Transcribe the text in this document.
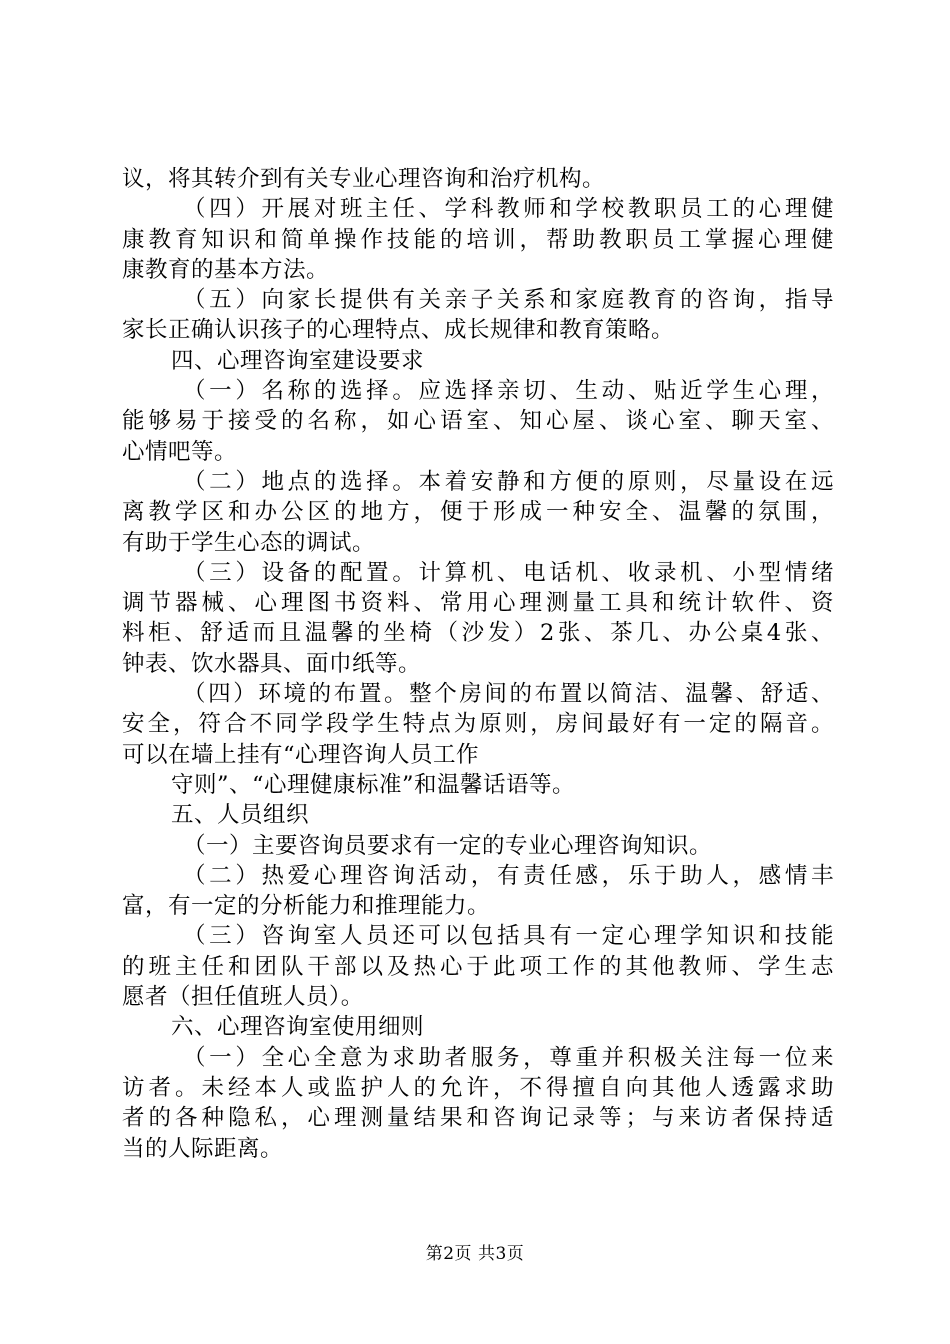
议，将其转介到有关专业心理咨询和治疗机构。
（四）开展对班主任、学科教师和学校教职员工的心理健
康教育知识和简单操作技能的培训，帮助教职员工掌握心理健
康教育的基本方法。
（五）向家长提供有关亲子关系和家庭教育的咨询，指导
家长正确认识孩子的心理特点、成长规律和教育策略。
四、心理咨询室建设要求
（一）名称的选择。应选择亲切、生动、贴近学生心理，
能够易于接受的名称，如心语室、知心屋、谈心室、聊天室、
心情吧等。
（二）地点的选择。本着安静和方便的原则，尽量设在远
离教学区和办公区的地方，便于形成一种安全、温馨的氛围，
有助于学生心态的调试。
（三）设备的配置。计算机、电话机、收录机、小型情绪
调节器械、心理图书资料、常用心理测量工具和统计软件、资
料柜、舒适而且温馨的坐椅（沙发）2张、茶几、办公桌4张、
钟表、饮水器具、面巾纸等。
（四）环境的布置。整个房间的布置以简洁、温馨、舒适、
安全，符合不同学段学生特点为原则，房间最好有一定的隔音。
可以在墙上挂有“心理咨询人员工作
守则”、“心理健康标准”和温馨话语等。
五、人员组织
（一）主要咨询员要求有一定的专业心理咨询知识。
（二）热爱心理咨询活动，有责任感，乐于助人，感情丰
富，有一定的分析能力和推理能力。
（三）咨询室人员还可以包括具有一定心理学知识和技能
的班主任和团队干部以及热心于此项工作的其他教师、学生志
愿者（担任值班人员）。
六、心理咨询室使用细则
（一）全心全意为求助者服务，尊重并积极关注每一位来
访者。未经本人或监护人的允许，不得擅自向其他人透露求助
者的各种隐私，心理测量结果和咨询记录等；与来访者保持适
当的人际距离。
第2页 共3页
